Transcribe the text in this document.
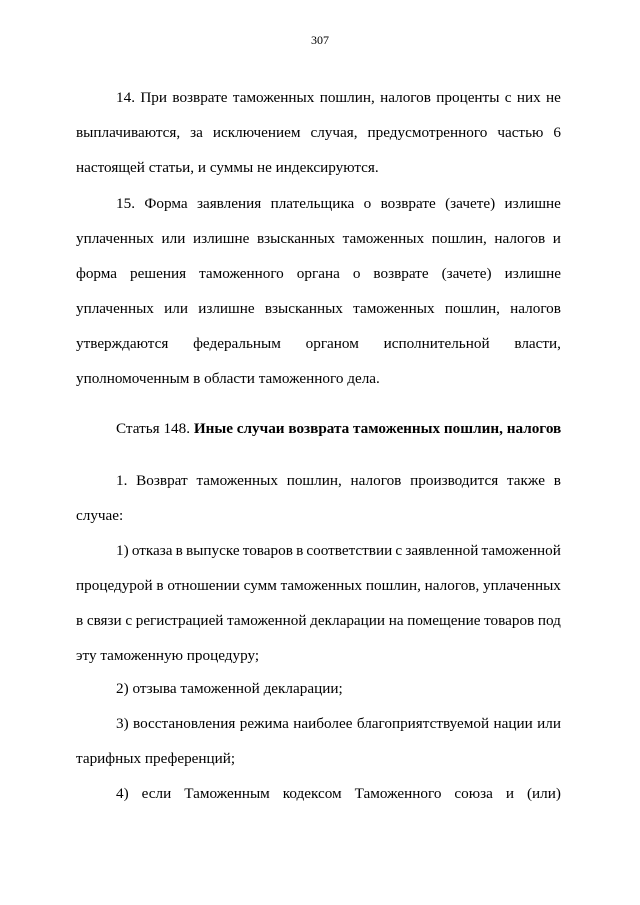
307
14. При возврате таможенных пошлин, налогов проценты с них не
выплачиваются, за исключением случая, предусмотренного частью 6
настоящей статьи, и суммы не индексируются.
15. Форма заявления плательщика о возврате (зачете) излишне
уплаченных или излишне взысканных таможенных пошлин, налогов и
форма решения таможенного органа о возврате (зачете) излишне
уплаченных или излишне взысканных таможенных пошлин, налогов
утверждаются федеральным органом исполнительной власти,
уполномоченным в области таможенного дела.
Статья 148. Иные случаи возврата таможенных пошлин, налогов
1. Возврат таможенных пошлин, налогов производится также в
случае:
1) отказа в выпуске товаров в соответствии с заявленной таможенной
процедурой в отношении сумм таможенных пошлин, налогов, уплаченных
в связи с регистрацией таможенной декларации на помещение товаров под
эту таможенную процедуру;
2) отзыва таможенной декларации;
3) восстановления режима наиболее благоприятствуемой нации или
тарифных преференций;
4) если Таможенным кодексом Таможенного союза и (или)
